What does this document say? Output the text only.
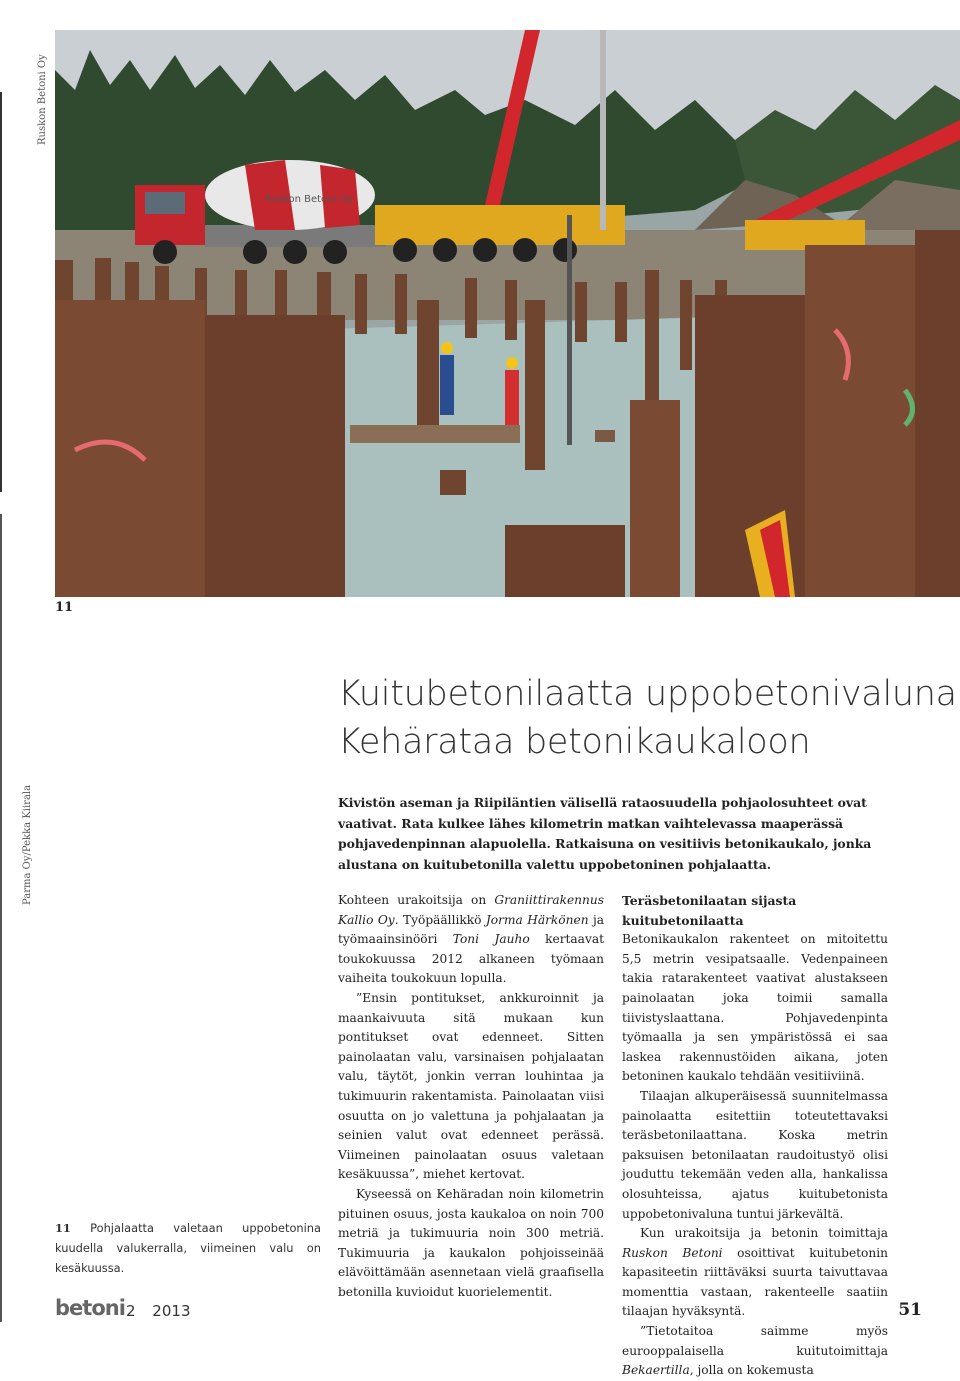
Ruskon Betoni Oy
Parma Oy/Pekka Kiirala
Ruskon Betoni Oy
11
Kuitubetonilaatta uppobetonivaluna
Kehärataa betonikaukaloon
Kivistön aseman ja Riipiläntien välisellä rataosuudella pohjaolosuhteet ovat vaativat. Rata kulkee lähes kilometrin matkan vaihtelevassa maaperässä pohjavedenpinnan alapuolella. Ratkaisuna on vesitiivis betonikaukalo, jonka alustana on kuitubetonilla valettu uppobetoninen pohjalaatta.

Kohteen urakoitsija on Graniittirakennus Kallio Oy. Työpäällikkö Jorma Härkönen ja työmaainsinööri Toni Jauho kertaavat toukokuussa 2012 alkaneen työmaan vaiheita toukokuun lopulla.

”Ensin pontitukset, ankkuroinnit ja maankaivuuta sitä mukaan kun pontitukset ovat edenneet. Sitten painolaatan valu, varsinaisen pohjalaatan valu, täytöt, jonkin verran louhintaa ja tukimuurin rakentamista. Painolaatan viisi osuutta on jo valettuna ja pohjalaatan ja seinien valut ovat edenneet perässä. Viimeinen painolaatan osuus valetaan kesäkuussa”, miehet kertovat.

Kyseessä on Kehäradan noin kilometrin pituinen osuus, josta kaukaloa on noin 700 metriä ja tukimuuria noin 300 metriä. Tukimuuria ja kaukalon pohjoisseinää elävöittämään asennetaan vielä graafisella betonilla kuvioidut kuorielementit.

Teräsbetonilaatan sijasta kuitubetonilaatta

Betonikaukalon rakenteet on mitoitettu 5,5 metrin vesipatsaalle. Vedenpaineen takia ratarakenteet vaativat alustakseen painolaatan joka toimii samalla tiivistyslaattana. Pohjavedenpinta työmaalla ja sen ympäristössä ei saa laskea rakennustöiden aikana, joten betoninen kaukalo tehdään vesitiiviinä.

Tilaajan alkuperäisessä suunnitelmassa painolaatta esitettiin toteutettavaksi teräsbetonilaattana. Koska metrin paksuisen betonilaatan raudoitustyö olisi jouduttu tekemään veden alla, hankalissa olosuhteissa, ajatus kuitubetonista uppobetonivaluna tuntui järkevältä.

Kun urakoitsija ja betonin toimittaja Ruskon Betoni osoittivat kuitubetonin kapasiteetin riittäväksi suurta taivuttavaa momenttia vastaan, rakenteelle saatiin tilaajan hyväksyntä.

”Tietotaitoa saimme myös eurooppalaisella kuitutoimittaja Bekaertilla, jolla on kokemusta

11 Pohjalaatta valetaan uppobetonina kuudella valukerralla, viimeinen valu on kesäkuussa.
betoni 2 2013	51
